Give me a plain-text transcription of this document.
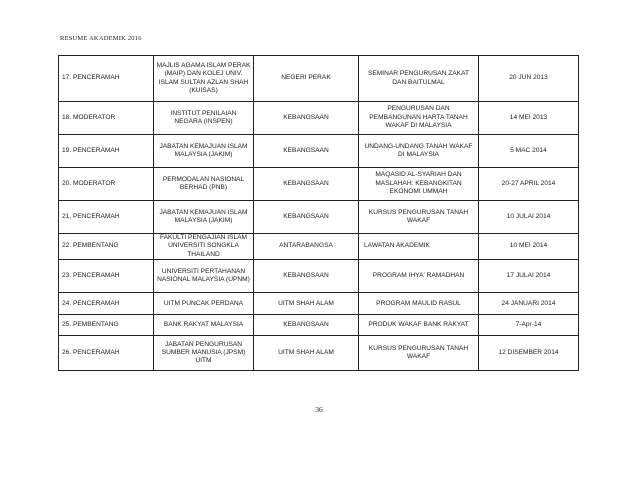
RESUME AKADEMIK 2016
17. PENCERAMAH	MAJLIS AGAMA ISLAM PERAK (MAIP) DAN KOLEJ UNIV. ISLAM SULTAN AZLAN SHAH (KUISAS)	NEGERI PERAK	SEMINAR PENGURUSAN ZAKAT DAN BAITULMAL	20 JUN 2013
18. MODERATOR	INSTITUT PENILAIAN NEGARA (INSPEN)	KEBANGSAAN	PENGURUSAN DAN PEMBANGUNAN HARTA TANAH WAKAF DI MALAYSIA	14 MEI 2013
19. PENCERAMAH	JABATAN KEMAJUAN ISLAM MALAYSIA (JAKIM)	KEBANGSAAN	UNDANG-UNDANG TANAH WAKAF DI MALAYSIA	5 MAC 2014
20. MODERATOR	PERMODALAN NASIONAL BERHAD (PNB)	KEBANGSAAN	MAQASID AL-SYARIAH DAN MASLAHAH: KEBANGKITAN EKONOMI UMMAH	20-27 APRIL 2014
21. PENCERAMAH	JABATAN KEMAJUAN ISLAM MALAYSIA (JAKIM)	KEBANGSAAN	KURSUS PENGURUSAN TANAH WAKAF	10 JULAI 2014
22. PEMBENTANG	FAKULTI PENGAJIAN ISLAM UNIVERSITI SONGKLA THAILAND	ANTARABANGSA	LAWATAN AKADEMIK	10 MEI 2014
23. PENCERAMAH	UNIVERSITI PERTAHANAN NASIONAL MALAYSIA (UPNM)	KEBANGSAAN	PROGRAM IHYA' RAMADHAN	17 JULAI 2014
24. PENCERAMAH	UITM PUNCAK PERDANA	UITM SHAH ALAM	PROGRAM MAULID RASUL	24 JANUARI 2014
25. PEMBENTANG	BANK RAKYAT MALAYSIA	KEBANGSAAN	PRODUK WAKAF BANK RAKYAT	7-Apr-14
26. PENCERAMAH	JABATAN PENGURUSAN SUMBER MANUSIA (JPSM) UITM	UITM SHAH ALAM	KURSUS PENGURUSAN TANAH WAKAF	12 DISEMBER 2014
36
